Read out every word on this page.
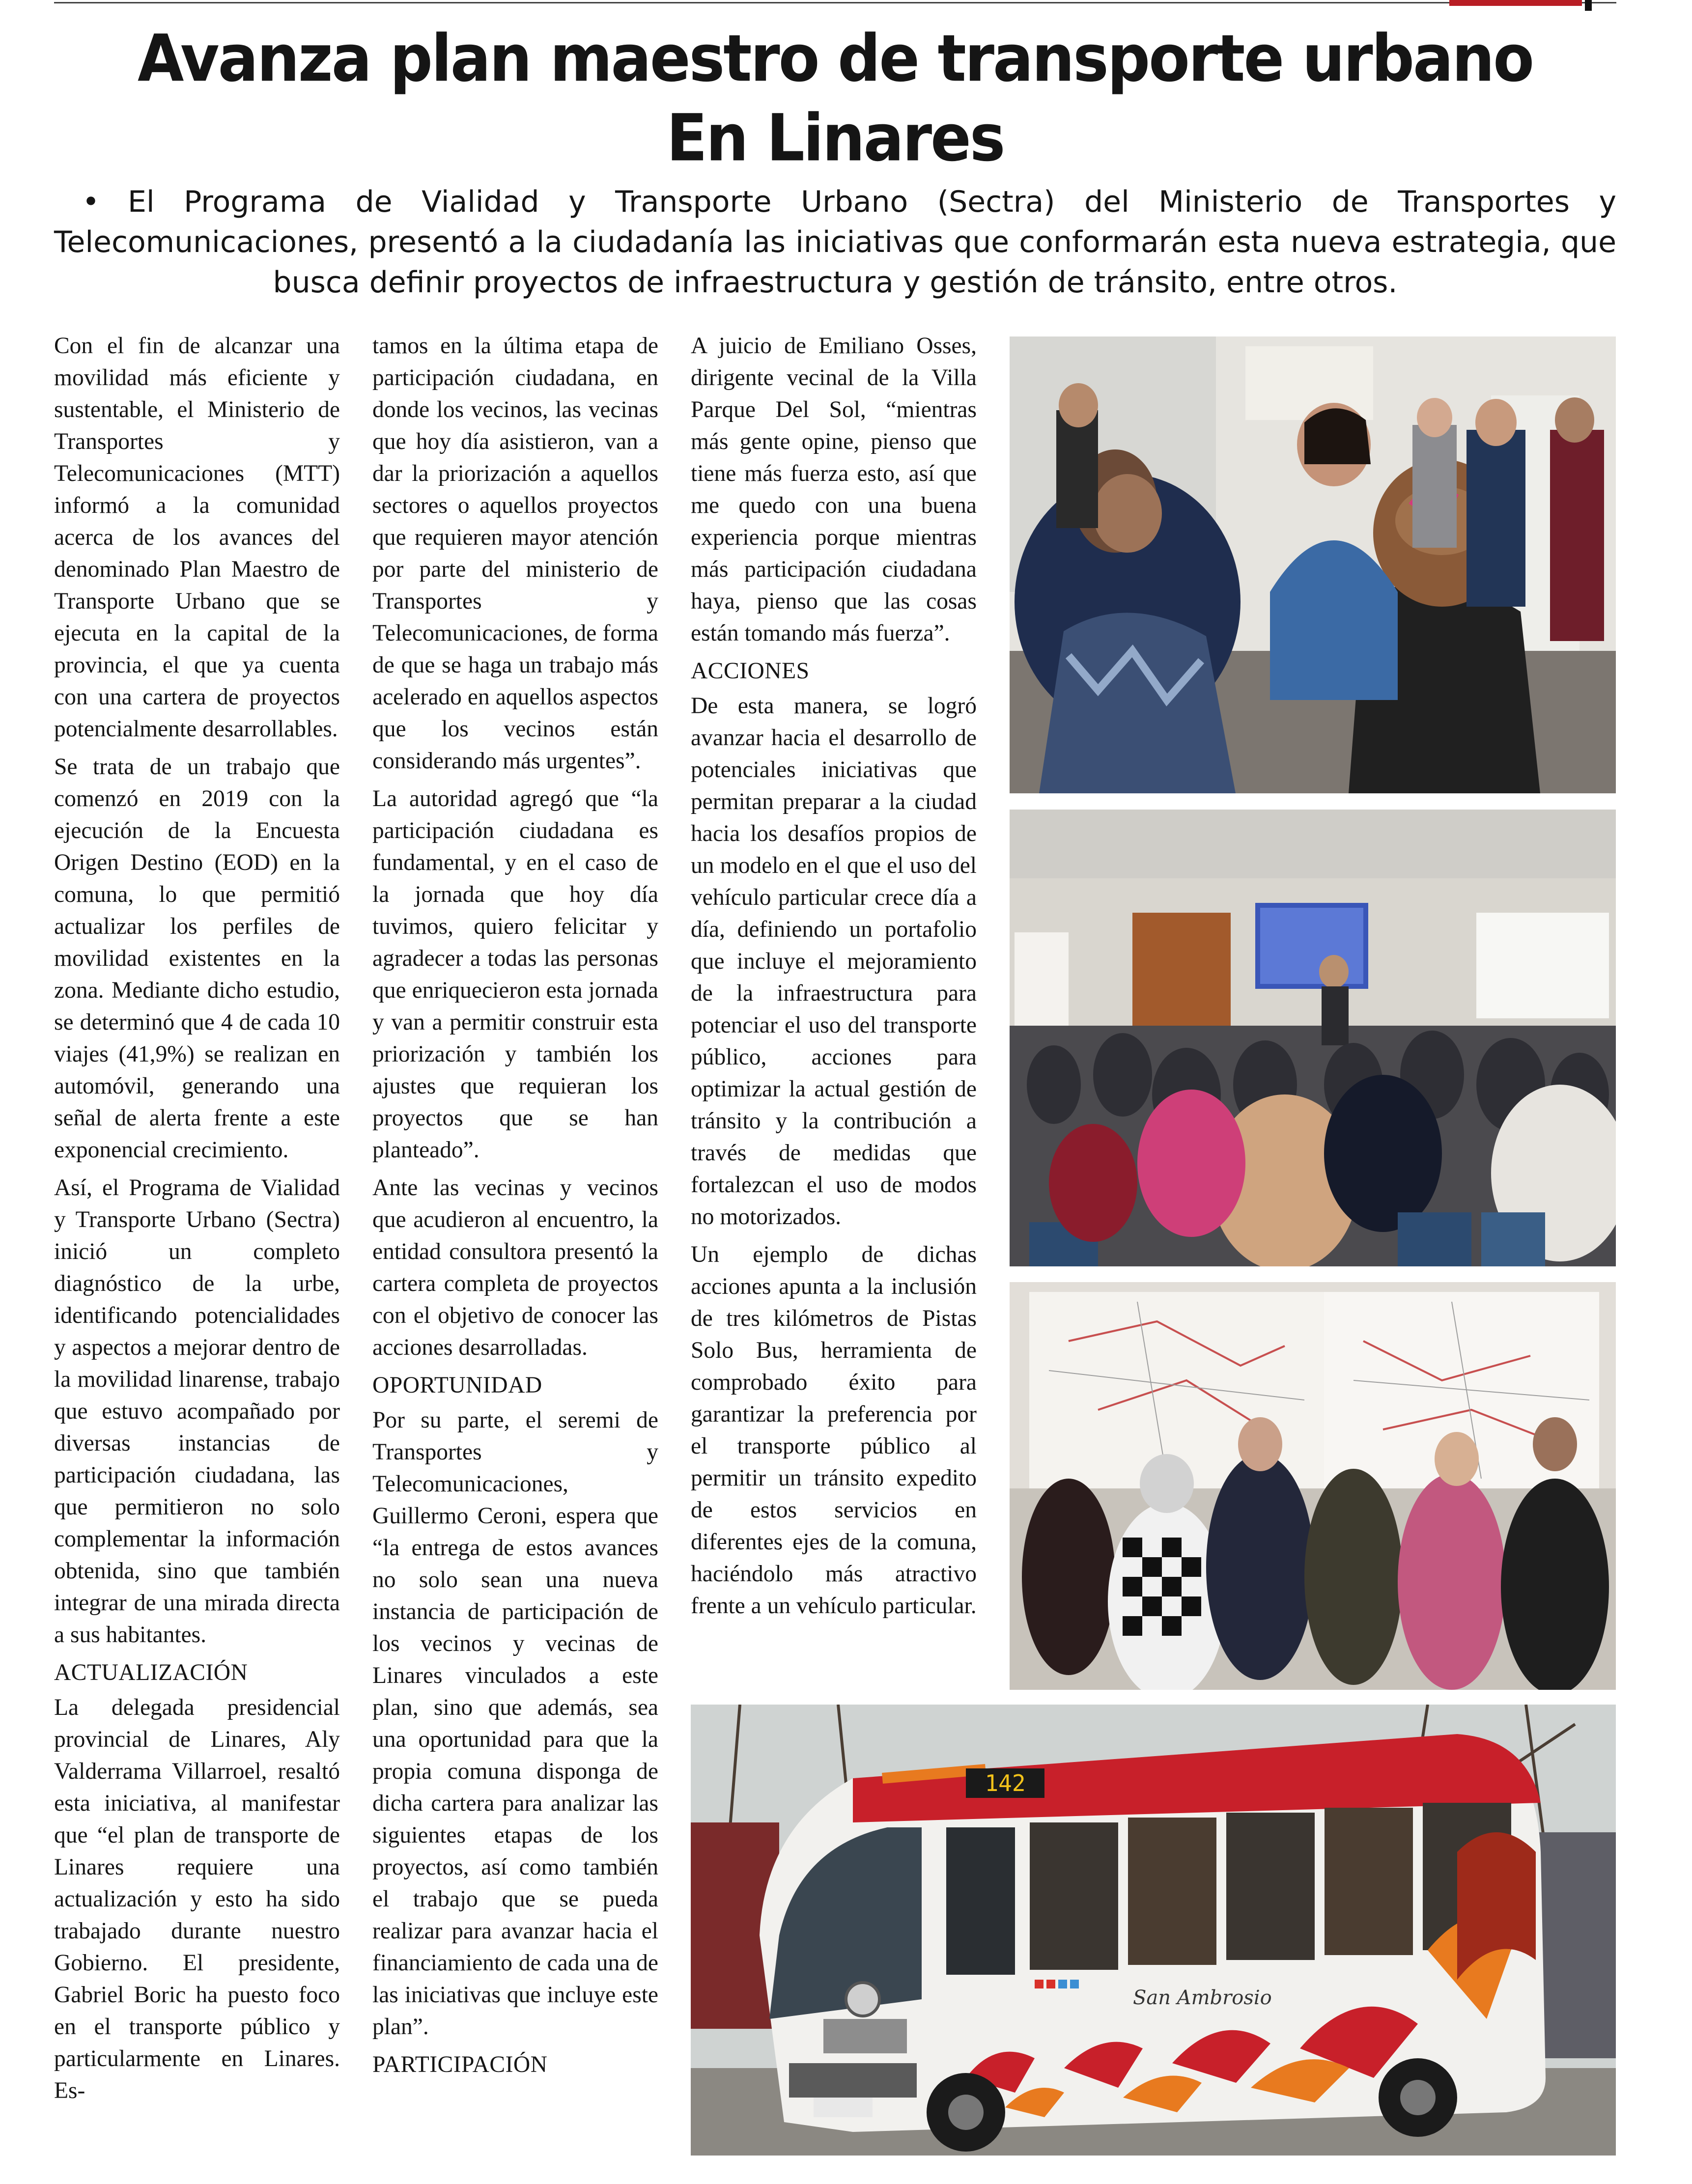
Avanza plan maestro de transporte urbano
En Linares

• El Programa de Vialidad y Transporte Urbano (Sectra) del Ministerio de Transportes y Telecomunicaciones, presentó a la ciudadanía las iniciativas que conformarán esta nueva estrategia, que busca definir proyectos de infraestructura y gestión de tránsito, entre otros.

Con el fin de alcanzar una movilidad más eficiente y sustentable, el Ministerio de Transportes y Telecomunicaciones (MTT) informó a la comunidad acerca de los avances del denominado Plan Maestro de Transporte Urbano que se ejecuta en la capital de la provincia, el que ya cuenta con una cartera de proyectos potencialmente desarrollables.

Se trata de un trabajo que comenzó en 2019 con la ejecución de la Encuesta Origen Destino (EOD) en la comuna, lo que permitió actualizar los perfiles de movilidad existentes en la zona. Mediante dicho estudio, se determinó que 4 de cada 10 viajes (41,9%) se realizan en automóvil, generando una señal de alerta frente a este exponencial crecimiento.

Así, el Programa de Vialidad y Transporte Urbano (Sectra) inició un completo diagnóstico de la urbe, identificando potencialidades y aspectos a mejorar dentro de la movilidad linarense, trabajo que estuvo acompañado por diversas instancias de participación ciudadana, las que permitieron no solo complementar la información obtenida, sino que también integrar de una mirada directa a sus habitantes.

ACTUALIZACIÓN

La delegada presidencial provincial de Linares, Aly Valderrama Villarroel, resaltó esta iniciativa, al manifestar que “el plan de transporte de Linares requiere una actualización y esto ha sido trabajado durante nuestro Gobierno. El presidente, Gabriel Boric ha puesto foco en el transporte público y particularmente en Linares. Es-

tamos en la última etapa de participación ciudadana, en donde los vecinos, las vecinas que hoy día asistieron, van a dar la priorización a aquellos sectores o aquellos proyectos que requieren mayor atención por parte del ministerio de Transportes y Telecomunicaciones, de forma de que se haga un trabajo más acelerado en aquellos aspectos que los vecinos están considerando más urgentes”.

La autoridad agregó que “la participación ciudadana es fundamental, y en el caso de la jornada que hoy día tuvimos, quiero felicitar y agradecer a todas las personas que enriquecieron esta jornada y van a permitir construir esta priorización y también los ajustes que requieran los proyectos que se han planteado”.

Ante las vecinas y vecinos que acudieron al encuentro, la entidad consultora presentó la cartera completa de proyectos con el objetivo de conocer las acciones desarrolladas.

OPORTUNIDAD

Por su parte, el seremi de Transportes y Telecomunicaciones, Guillermo Ceroni, espera que “la entrega de estos avances no solo sean una nueva instancia de participación de los vecinos y vecinas de Linares vinculados a este plan, sino que además, sea una oportunidad para que la propia comuna disponga de dicha cartera para analizar las siguientes etapas de los proyectos, así como también el trabajo que se pueda realizar para avanzar hacia el financiamiento de cada una de las iniciativas que incluye este plan”.

PARTICIPACIÓN

A juicio de Emiliano Osses, dirigente vecinal de la Villa Parque Del Sol, “mientras más gente opine, pienso que tiene más fuerza esto, así que me quedo con una buena experiencia porque mientras más participación ciudadana haya, pienso que las cosas están tomando más fuerza”.

ACCIONES

De esta manera, se logró avanzar hacia el desarrollo de potenciales iniciativas que permitan preparar a la ciudad hacia los desafíos propios de un modelo en el que el uso del vehículo particular crece día a día, definiendo un portafolio que incluye el mejoramiento de la infraestructura para potenciar el uso del transporte público, acciones para optimizar la actual gestión de tránsito y la contribución a través de medidas que fortalezcan el uso de modos no motorizados.

Un ejemplo de dichas acciones apunta a la inclusión de tres kilómetros de Pistas Solo Bus, herramienta de comprobado éxito para garantizar la preferencia por el transporte público al permitir un tránsito expedito de estos servicios en diferentes ejes de la comuna, haciéndolo más atractivo frente a un vehículo particular.

142
San Ambrosio
